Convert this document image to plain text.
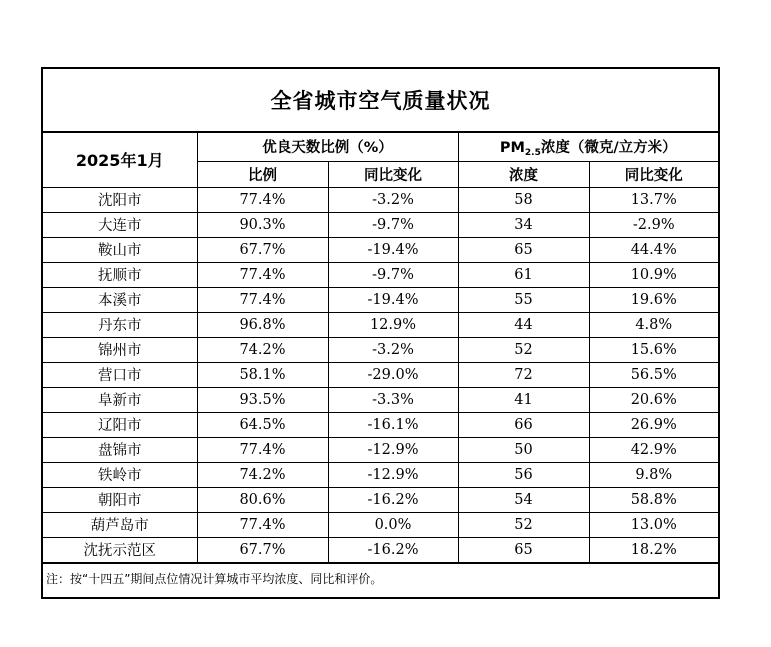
全省城市空气质量状况
2025年1月	优良天数比例（%）		$PM_{2.5}$浓度（微克/立方米）	
	比例	同比变化	浓度	同比变化
沈阳市	77.4%	-3.2%	58	13.7%
大连市	90.3%	-9.7%	34	-2.9%
鞍山市	67.7%	-19.4%	65	44.4%
抚顺市	77.4%	-9.7%	61	10.9%
本溪市	77.4%	-19.4%	55	19.6%
丹东市	96.8%	12.9%	44	4.8%
锦州市	74.2%	-3.2%	52	15.6%
营口市	58.1%	-29.0%	72	56.5%
阜新市	93.5%	-3.3%	41	20.6%
辽阳市	64.5%	-16.1%	66	26.9%
盘锦市	77.4%	-12.9%	50	42.9%
铁岭市	74.2%	-12.9%	56	9.8%
朝阳市	80.6%	-16.2%	54	58.8%
葫芦岛市	77.4%	0.0%	52	13.0%
沈抚示范区	67.7%	-16.2%	65	18.2%
注：按“十四五”期间点位情况计算城市平均浓度、同比和评价。
